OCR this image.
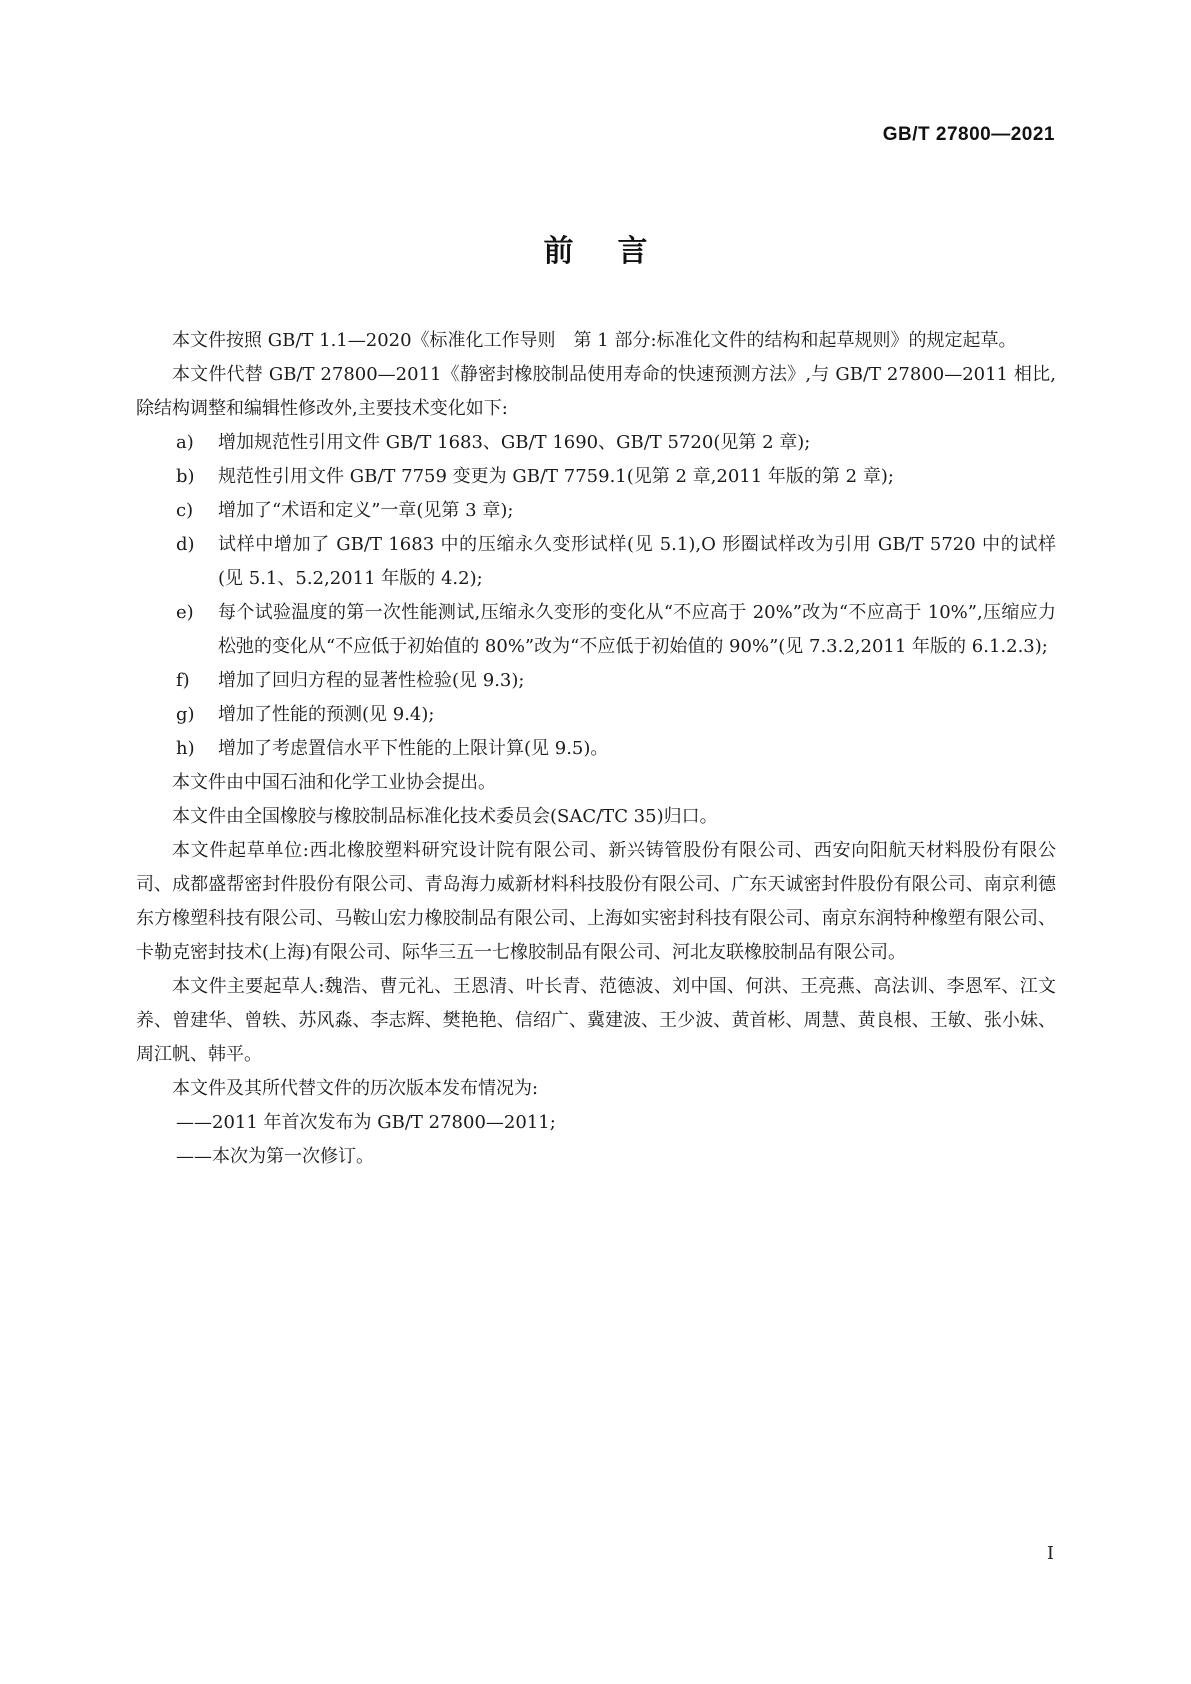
GB/T 27800—2021
前言

本文件按照 GB/T 1.1—2020《标准化工作导则　第 1 部分:标准化文件的结构和起草规则》的规定起草。

本文件代替 GB/T 27800—2011《静密封橡胶制品使用寿命的快速预测方法》,与 GB/T 27800—2011 相比,除结构调整和编辑性修改外,主要技术变化如下:

a)	增加规范性引用文件 GB/T 1683、GB/T 1690、GB/T 5720(见第 2 章);
b)	规范性引用文件 GB/T 7759 变更为 GB/T 7759.1(见第 2 章,2011 年版的第 2 章);
c)	增加了“术语和定义”一章(见第 3 章);
d)	试样中增加了 GB/T 1683 中的压缩永久变形试样(见 5.1),O 形圈试样改为引用 GB/T 5720 中的试样(见 5.1、5.2,2011 年版的 4.2);
e)	每个试验温度的第一次性能测试,压缩永久变形的变化从“不应高于 20%”改为“不应高于 10%”,压缩应力松弛的变化从“不应低于初始值的 80%”改为“不应低于初始值的 90%”(见 7.3.2,2011 年版的 6.1.2.3);
f)	增加了回归方程的显著性检验(见 9.3);
g)	增加了性能的预测(见 9.4);
h)	增加了考虑置信水平下性能的上限计算(见 9.5)。

本文件由中国石油和化学工业协会提出。

本文件由全国橡胶与橡胶制品标准化技术委员会(SAC/TC 35)归口。

本文件起草单位:西北橡胶塑料研究设计院有限公司、新兴铸管股份有限公司、西安向阳航天材料股份有限公司、成都盛帮密封件股份有限公司、青岛海力威新材料科技股份有限公司、广东天诚密封件股份有限公司、南京利德东方橡塑科技有限公司、马鞍山宏力橡胶制品有限公司、上海如实密封科技有限公司、南京东润特种橡塑有限公司、卡勒克密封技术(上海)有限公司、际华三五一七橡胶制品有限公司、河北友联橡胶制品有限公司。

本文件主要起草人:魏浩、曹元礼、王恩清、叶长青、范德波、刘中国、何洪、王亮燕、高法训、李恩军、江文养、曾建华、曾轶、苏风淼、李志辉、樊艳艳、信绍广、冀建波、王少波、黄首彬、周慧、黄良根、王敏、张小妹、周江帆、韩平。

本文件及其所代替文件的历次版本发布情况为:

——2011 年首次发布为 GB/T 27800—2011;

——本次为第一次修订。

I
